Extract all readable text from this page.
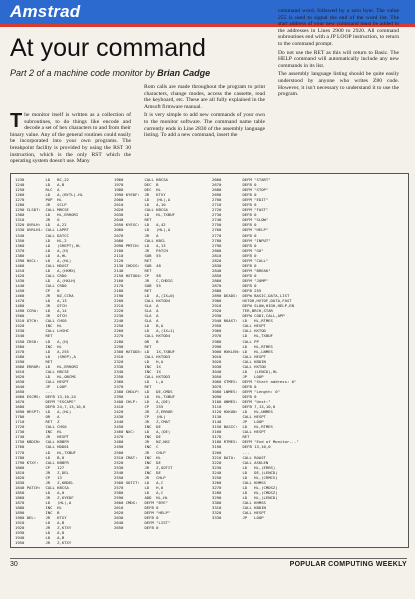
Amstrad
At your command
Part 2 of a machine code monitor by Brian Cadge

The monitor itself is written as a collection of subroutines, to do things like encode and decode a set of hex characters to and from their binary value. Any of the general routines could easily be incorporated into your own programs. The breakpoint facility is provided by using the RST 30 instruction, which is the only RST which the operating system doesn't use. Many

Rom calls are made throughout the program to print characters, change modes, access the cassette, read the keyboard, etc. These are all fully explained in the Amsoft firmware manual.

It is very simple to add new commands of your own to the monitor software. The command name table currently ends in Line 2830 of the assembly language listing. To add a new command, insert the

command word, followed by a zero byte. The value 255 is used to signal the end of the word list. The start address of your new command must be added to the addresses in Lines 2900 to 2920. All command subroutines end with a JP LOOP instruction, to return to the command prompt.

Do not use the RET as this will return to Basic. The HELP command will automatically include any new commands in its list.

The assembly language listing should be quite easily understood by anyone who writes Z80 code. However, it isn't necessary to understand it to use the program.

1230         LD   BC,22
1240         LD   A,B
1250         RLC  A
1260         LD   A,(BYTL).HL
1270         POP  HL
1280         JR   SCLP
1290 CLSDT:  CALL MBCSE
1300         LD   HL,ERRORI
1310         JR   O
1320 OVRLH:  LD   A,22
1330 OVRLH1: CALL LAPRT
1340         CALL DATCC
1350         LD   HL,2
1360         LD   (SREPT),HL
1370         LD   A,(H)
1380         LD   A,HL
1390 HXCL:   LD   A,(HL)
1400         CALL HDXST
1410         LD   A,(HXMX)
1420         CALL CRD0
1430         LD   A,(HXLH)
1440         CALL CRD0
1450         CP   0
1460         JR   NZ,CCRA
1470         LD   A,13
1480         JR   OTCH
1490 CCRA:   LD   A,14
1500         JR   OTCH
1510 OTCH:   CALL CHS0
1520         INC  HL
1530         CALL LHIHC
1540         RET
1550 CRS0:   LD   A,(H)
1560         INC  HL
1570         LD   A,255
1580         LD   (SREP),A
1590         RET
1600 ERROR:  LD   HL,ERRORI
1610         CALL HBCSE
1620         LD   HL,OBCMS
1630         CALL HESPT
1640         JP   LOOP
1650         ...
1660 ESCMS:  DEFB 13,10,24
1670         DEFM "ESCAPE"
1680         DEFB 24,7,13,10,0
1690 HESPT:  LD   A,(HL)
1700         OR   A
1710         RET  Z
1720         CALL CHS0
1730         INC  HL
1740         JR   HESPT
1750 KBDIN:  CALL KBBFR
1760         CALL HDD01
1770         LD   HL,TXBUF
1780         LD   B,0
1790 KTXY:   CALL KBBFR
1800         CP   127
1810         JR   Z,DEL
1820         CP   13
1830         JR   Z,KBDEL
1840 PATCH:  CALL KBCSA
1850         LD   A,0
1860         JR   Z,KYEDF
1870         LD   (HL),A
1880         INC  HL
1890         INC  B
1900 DEL:    JR   KTXY
1910         LD   A,B
1920         JR   Z,KTXY
1930         LD   A,8
1940         LD   A,B
1950         JR   Z,KTXY
1960         CALL KBCSA
1970         DEC  B
1980         DEC  HL
1990 KYEDF:  JR   KTXY
2000         LD   (HL),A
2010         LD   A,10
2020         CALL KBCSA
2030         LD   HL,TXBUF
2040         RET
2050 KYESC:  LD   A,42
2060         LD   (HL),A
2070         JR   A
2080         CALL KBCL
2090 PMTCH:  LD   A,13
2100         JR   PATCH
2110         SUB  55
2120         RET
2130 CHDIG:  SUB  48
2140         RET
2150 HXTOD4: CP   58
2160         JR   C,CHDIG
2170         SUB  55
2180         RET
2190         LD   A,(IX+0)
2200         CALL HXTOD4
2210         SLA  A
2220         SLA  A
2230         SLA  A
2240         SLA  A
2250         LD   B,A
2260         LD   A,(IX+1)
2270         CALL HXTOD4
2280         OR   B
2290         RET
2300 HXTOD5: LD   IX,TXBUF
2310         CALL HXTOD3
2320         LD   H,A
2330         INC  IX
2340         INC  IX
2350         CALL HXTOD3
2360         LD   L,A
2370         RET
2380 CHDLP:  LD   DE,CMDS
2390         LD   HL,TXBUF
2400 CHLP:   LD   A,(DE)
2410         CP   255
2420         JR   Z,ERROR
2430         CP   (HL)
2440         JR   Z,CMAT
2450         INC  DE
2460 NXC:    LD   A,(DE)
2470         INC  DE
2480         JR   NZ,NXC
2490         INC  C
2500         JR   CHLP
2510 CMAT:   INC  HL
2520         INC  DE
2530         JR   Z,GOTIT
2540         INC  DE
2550         JR   CHLP
2560 GOTIT:  LD   A,C
2570         LD   H,0
2580         LD   A,C
2590         ADD  HL,HL
2600 CMDS:   DEFM "BYE"
2610         DEFB 0
2620         DEFM "HELP"
2630         DEFB 0
2640         DEFM "LIST"
2650         DEFB 0
2660         DEFM "START"
2670         DEFB 0
2680         DEFM "STOP"
2690         DEFB 0
2700         DEFM "EDIT"
2710         DEFB 0
2720         DEFM "FAST"
2730         DEFB 0
2740         DEFM "SLOW"
2750         DEFB 0
2760         DEFM "HELP"
2770         DEFB 0
2780         DEFM "INPUT"
2790         DEFB 0
2800         DEFM "GO"
2810         DEFB 0
2820         DEFM "CALL"
2830         DEFB 0
2840         DEFM "BREAK"
2850         DEFB 0
2860         DEFM "JUMP"
2870         DEFB 0
2880         DEFB 255
2890 DEADS:  DEFW BASIC,DATA,LIST
2900         HXTOH,HXTOF,DATA,FAST
2910         DEFW SLOW,HIGH,HELP,EN
2920         TER,BRCH,STAR
2930         DEFW CODI,CALL,APP
2940 ROAST:  LD   HL,RTMES
2950         CALL HESPT
2960         CALL HXTOD
2970         LD   HL,TXBUF
2980         CALL PP
2990         LD   HL,RTMES
3000 HXKLEN: LD   HL,LNMES
3010         CALL HESPT
3020         CALL KBDIN
3030         CALL HXTOD
3040         LD   (LENCD),HL
3050         JP   LOOP
3060 STMES:  DEFM "Start address: 0"
3070         DEFB 0
3080 LNMES:  DEFM "Length: 0"
3090         DEFB 0
3100 UNMES:  DEFM "Unst:"
3110         DEFB 7,13,10,0
3120 HXKUN:  LD   HL,UNMES
3130         CALL HESPT
3140         JP   LOOP
3150 BASIC:  LD   HL,RTMES
3160         CALL HESPT
3170         RET
3180 RTMES:  DEFM "End of Monitor..."
3190         DEFB 13,10,0
3200         ...
3210 DATA:   CALL ROAST
3220         CALL ASKLEN
3230         LD   HL,(ERRS)
3240         LD   DE,(LENCD)
3250         LD   HL,(CRMCS)
3260         CALL KHMSS
3270         LD   HL,(CMDSZ)
3280         LD   HL,(CMDSZ)
3290         LD   HL,(LENCD)
3300         CALL KHMSS
3310         CALL KBDIN
3320         CALL HESPT
3330         JP   LOOP
30	POPULAR COMPUTING WEEKLY
